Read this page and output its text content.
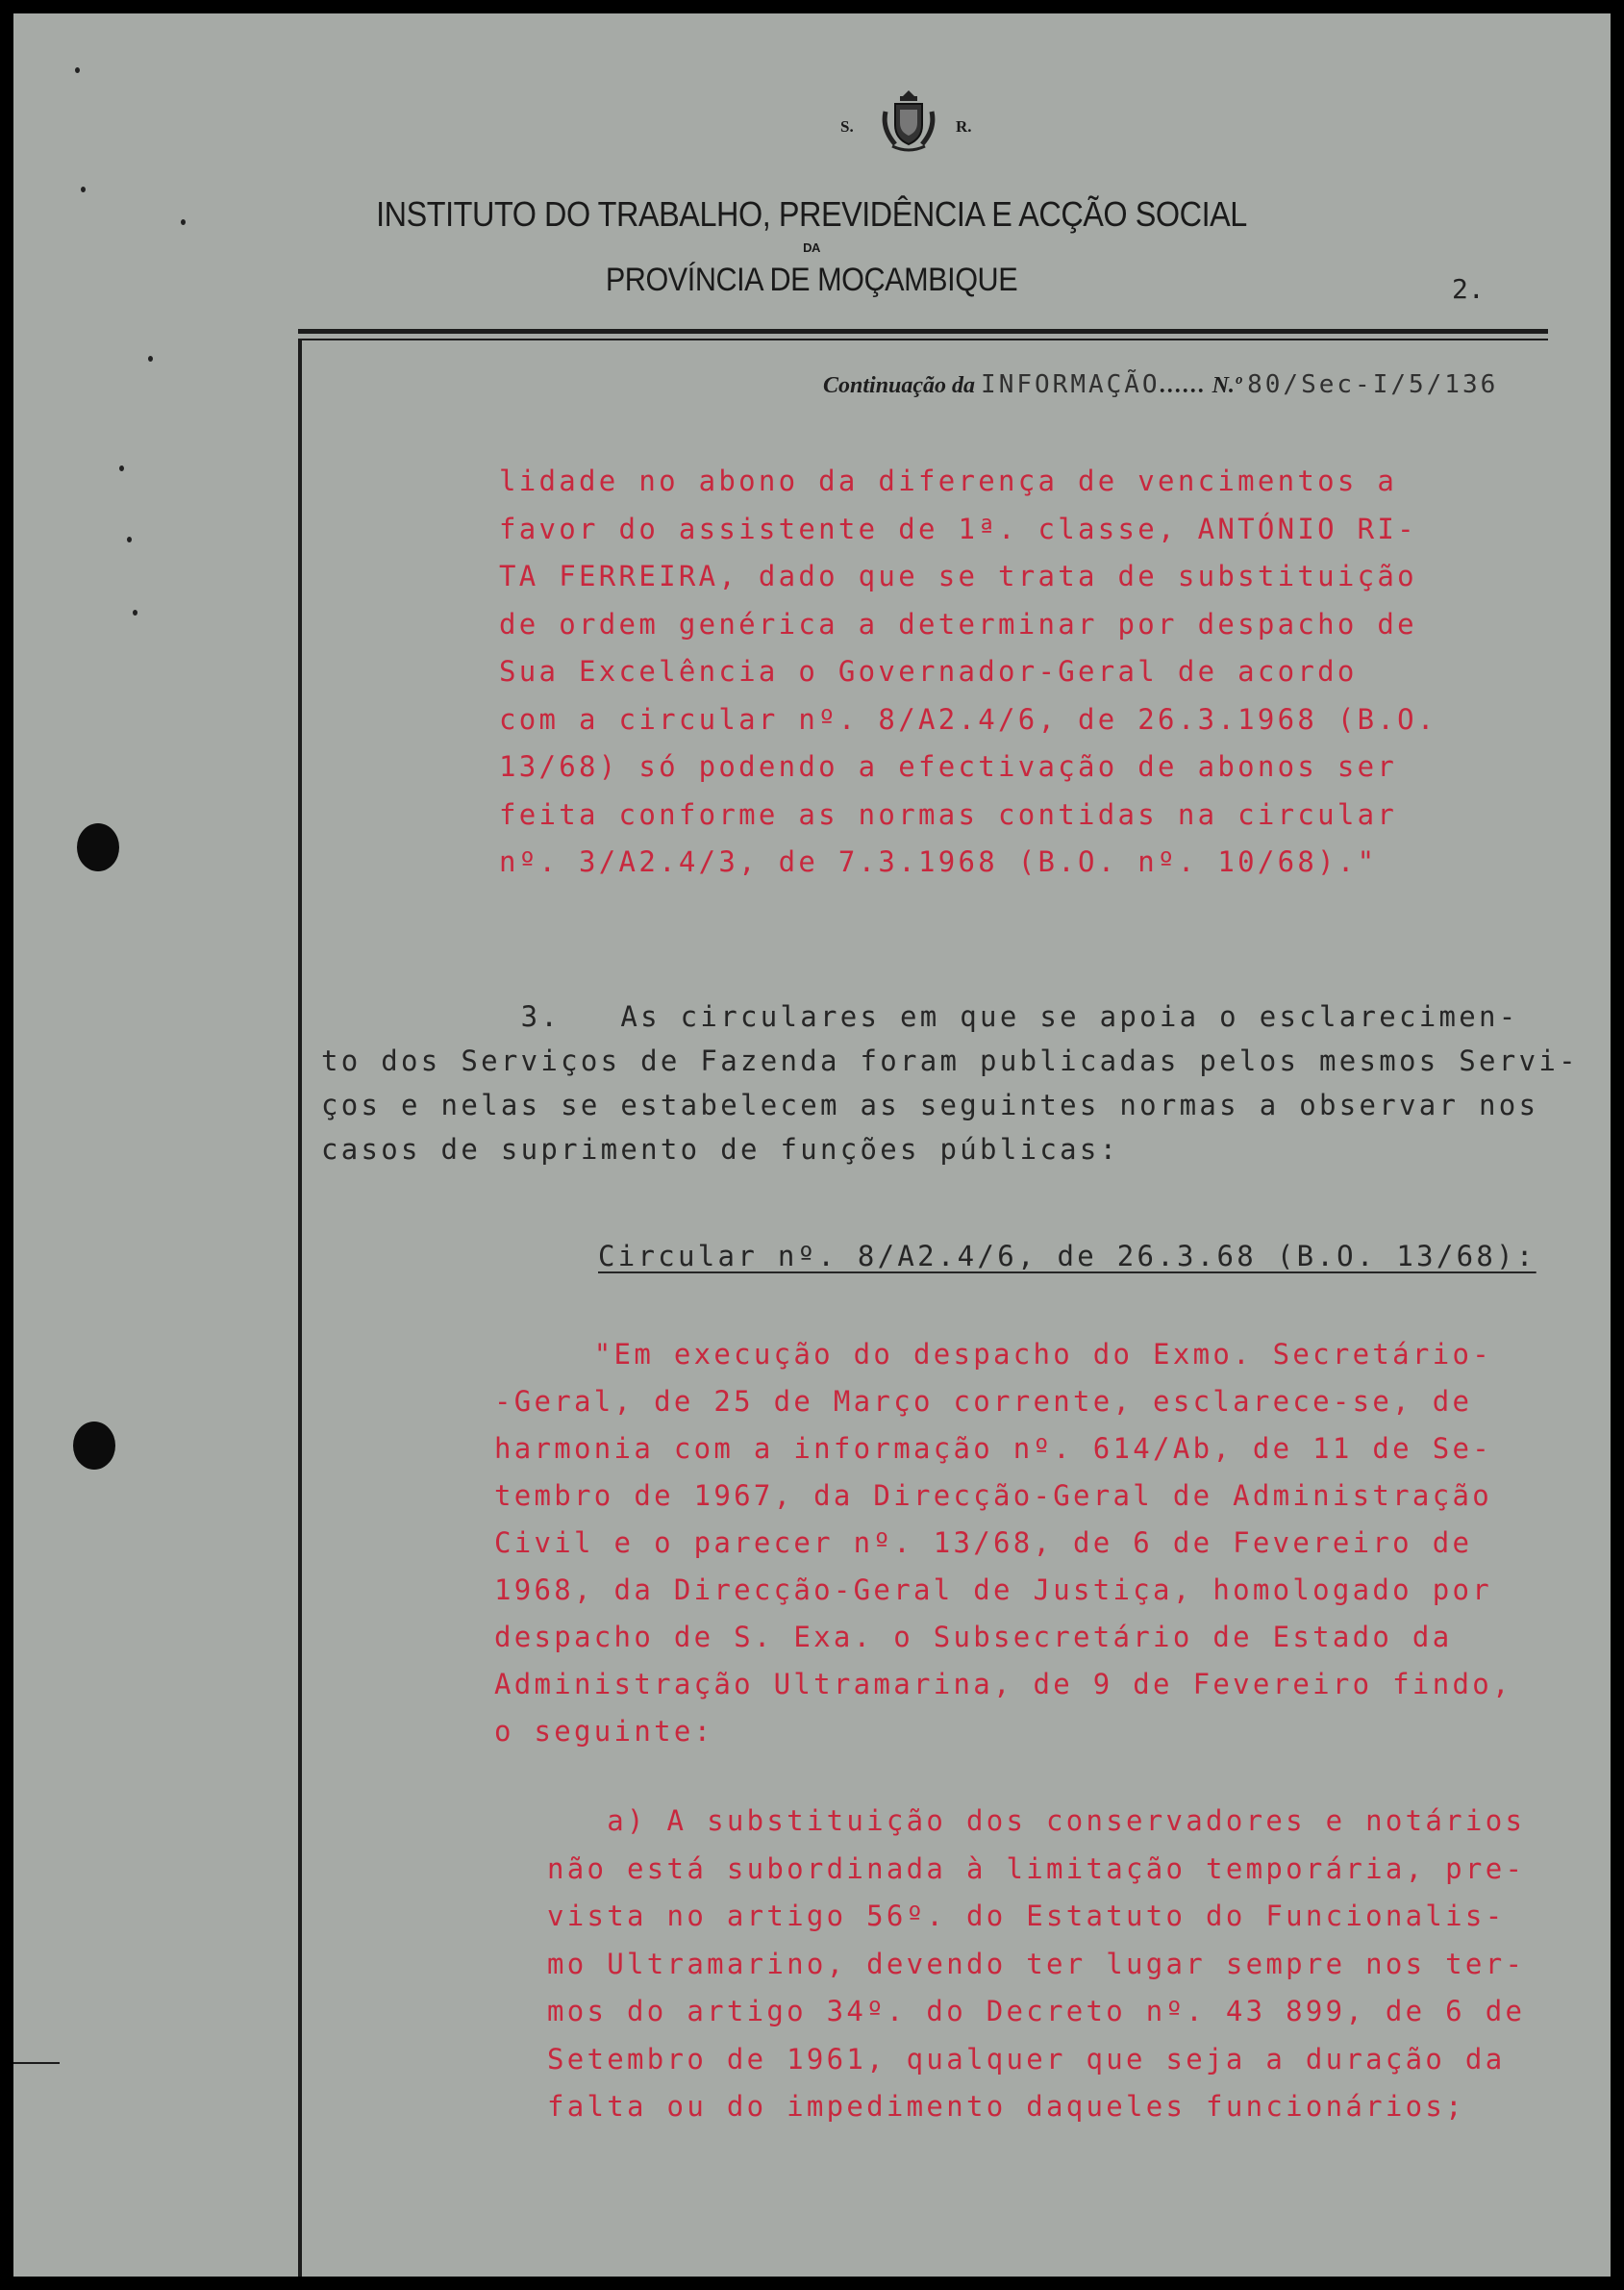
S.	R.
INSTITUTO DO TRABALHO, PREVIDÊNCIA E ACÇÃO SOCIAL
DA
PROVÍNCIA DE MOÇAMBIQUE	2.
Continuação da INFORMAÇÃO...... N.º 80/Sec-I/5/136
lidade no abono da diferença de vencimentos a
favor do assistente de 1ª. classe, ANTÓNIO RI-
TA FERREIRA, dado que se trata de substituição
de ordem genérica a determinar por despacho de
Sua Excelência o Governador-Geral de acordo
com a circular nº. 8/A2.4/6, de 26.3.1968 (B.O.
13/68) só podendo a efectivação de abonos ser
feita conforme as normas contidas na circular
nº. 3/A2.4/3, de 7.3.1968 (B.O. nº. 10/68)."
3.   As circulares em que se apoia o esclarecimen-
to dos Serviços de Fazenda foram publicadas pelos mesmos Servi-
ços e nelas se estabelecem as seguintes normas a observar nos
casos de suprimento de funções públicas:
Circular nº. 8/A2.4/6, de 26.3.68 (B.O. 13/68):
"Em execução do despacho do Exmo. Secretário-
-Geral, de 25 de Março corrente, esclarece-se, de
harmonia com a informação nº. 614/Ab, de 11 de Se-
tembro de 1967, da Direcção-Geral de Administração
Civil e o parecer nº. 13/68, de 6 de Fevereiro de
1968, da Direcção-Geral de Justiça, homologado por
despacho de S. Exa. o Subsecretário de Estado da
Administração Ultramarina, de 9 de Fevereiro findo,
o seguinte:
a) A substituição dos conservadores e notários
não está subordinada à limitação temporária, pre-
vista no artigo 56º. do Estatuto do Funcionalis-
mo Ultramarino, devendo ter lugar sempre nos ter-
mos do artigo 34º. do Decreto nº. 43 899, de 6 de
Setembro de 1961, qualquer que seja a duração da
falta ou do impedimento daqueles funcionários;
